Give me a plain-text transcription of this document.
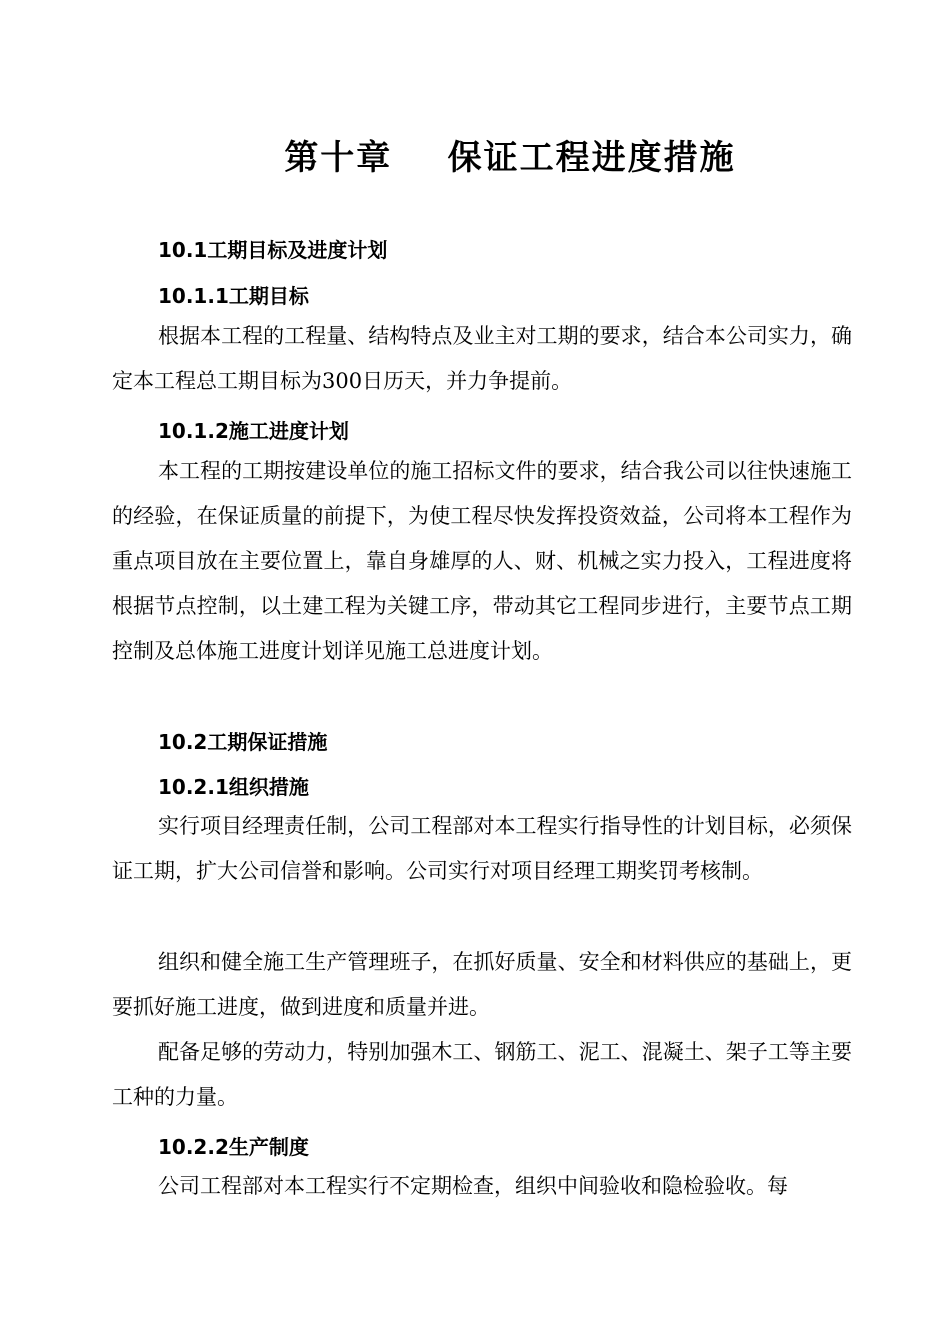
第十章    保证工程进度措施
10.1工期目标及进度计划
10.1.1工期目标

根据本工程的工程量、结构特点及业主对工期的要求，结合本公司实力，确定本工程总工期目标为300日历天，并力争提前。

10.1.2施工进度计划

本工程的工期按建设单位的施工招标文件的要求，结合我公司以往快速施工的经验，在保证质量的前提下，为使工程尽快发挥投资效益，公司将本工程作为重点项目放在主要位置上，靠自身雄厚的人、财、机械之实力投入，工程进度将根据节点控制，以土建工程为关键工序，带动其它工程同步进行，主要节点工期控制及总体施工进度计划详见施工总进度计划。

10.2工期保证措施
10.2.1组织措施

实行项目经理责任制，公司工程部对本工程实行指导性的计划目标，必须保证工期，扩大公司信誉和影响。公司实行对项目经理工期奖罚考核制。

组织和健全施工生产管理班子，在抓好质量、安全和材料供应的基础上，更要抓好施工进度，做到进度和质量并进。

配备足够的劳动力，特别加强木工、钢筋工、泥工、混凝土、架子工等主要工种的力量。

10.2.2生产制度

公司工程部对本工程实行不定期检查，组织中间验收和隐检验收。每
